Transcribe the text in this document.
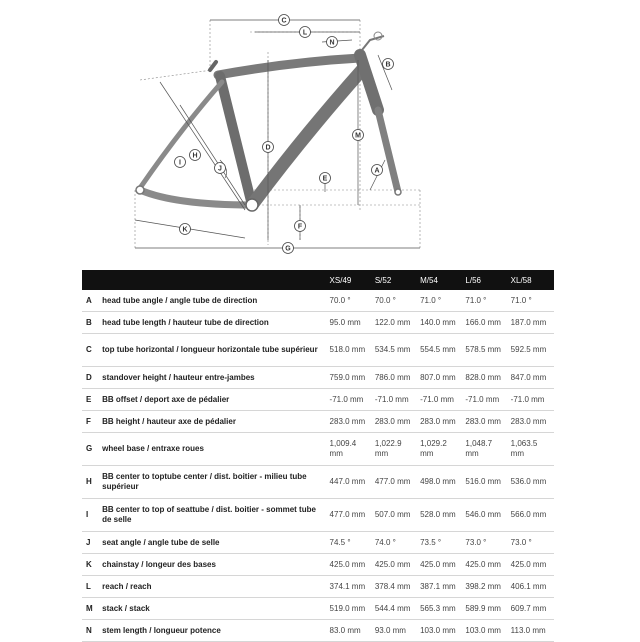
C
L
N
B
M
A
D
E
F
G
H
I
J
K
		XS/49	S/52	M/54	L/56	XL/58
A	head tube angle / angle tube de direction	70.0 °	70.0 °	71.0 °	71.0 °	71.0 °
B	head tube length / hauteur tube de direction	95.0 mm	122.0 mm	140.0 mm	166.0 mm	187.0 mm
C	top tube horizontal / longueur horizontale tube supérieur	518.0 mm	534.5 mm	554.5 mm	578.5 mm	592.5 mm
D	standover height / hauteur entre-jambes	759.0 mm	786.0 mm	807.0 mm	828.0 mm	847.0 mm
E	BB offset / deport axe de pédalier	-71.0 mm	-71.0 mm	-71.0 mm	-71.0 mm	-71.0 mm
F	BB height / hauteur axe de pédalier	283.0 mm	283.0 mm	283.0 mm	283.0 mm	283.0 mm
G	wheel base / entraxe roues	1,009.4 mm	1,022.9 mm	1,029.2 mm	1,048.7 mm	1,063.5 mm
H	BB center to toptube center / dist. boitier - milieu tube supérieur	447.0 mm	477.0 mm	498.0 mm	516.0 mm	536.0 mm
I	BB center to top of seattube / dist. boitier - sommet tube de selle	477.0 mm	507.0 mm	528.0 mm	546.0 mm	566.0 mm
J	seat angle / angle tube de selle	74.5 °	74.0 °	73.5 °	73.0 °	73.0 °
K	chainstay / longeur des bases	425.0 mm	425.0 mm	425.0 mm	425.0 mm	425.0 mm
L	reach / reach	374.1 mm	378.4 mm	387.1 mm	398.2 mm	406.1 mm
M	stack / stack	519.0 mm	544.4 mm	565.3 mm	589.9 mm	609.7 mm
N	stem length / longueur potence	83.0 mm	93.0 mm	103.0 mm	103.0 mm	113.0 mm
